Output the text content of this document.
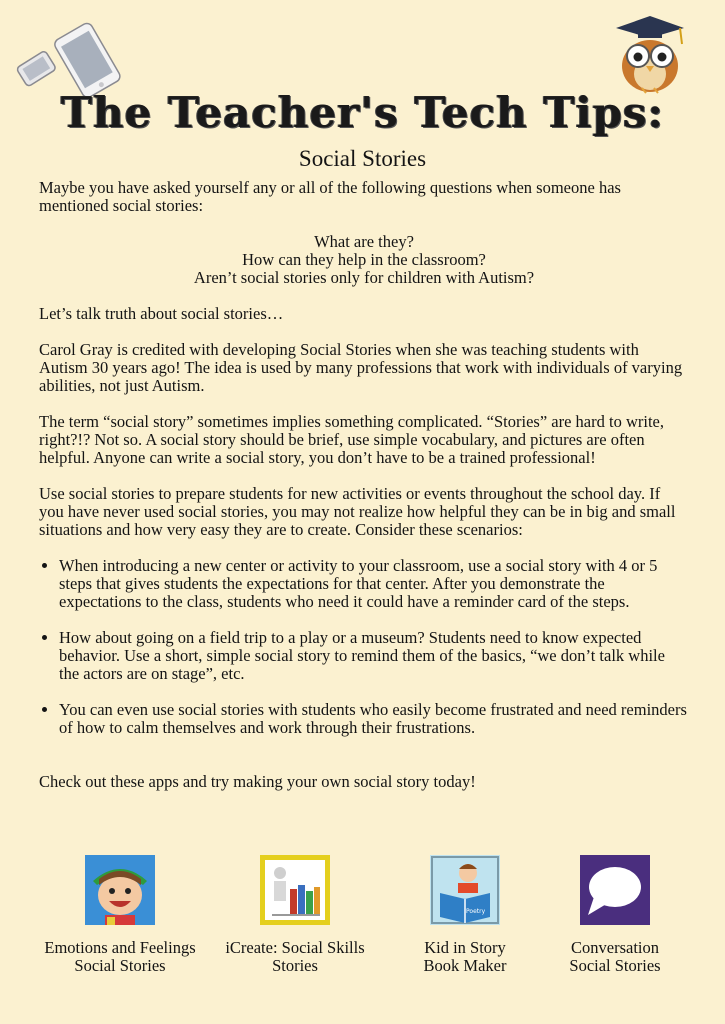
The Teacher's Tech Tips:
Social Stories

Maybe you have asked yourself any or all of the following questions when someone has mentioned social stories:

What are they?
How can they help in the classroom?
Aren’t social stories only for children with Autism?

Let’s talk truth about social stories…

Carol Gray is credited with developing Social Stories when she was teaching students with Autism 30 years ago! The idea is used by many professions that work with individuals of varying abilities, not just Autism.

The term “social story” sometimes implies something complicated. “Stories” are hard to write, right?!? Not so. A social story should be brief, use simple vocabulary, and pictures are often helpful. Anyone can write a social story, you don’t have to be a trained professional!

Use social stories to prepare students for new activities or events throughout the school day. If you have never used social stories, you may not realize how helpful they can be in big and small situations and how very easy they are to create. Consider these scenarios:

• When introducing a new center or activity to your classroom, use a social story with 4 or 5 steps that gives students the expectations for that center. After you demonstrate the expectations to the class, students who need it could have a reminder card of the steps.
• How about going on a field trip to a play or a museum? Students need to know expected behavior. Use a short, simple social story to remind them of the basics, “we don’t talk while the actors are on stage”, etc.
• You can even use social stories with students who easily become frustrated and need reminders of how to calm themselves and work through their frustrations.

Check out these apps and try making your own social story today!

Emotions and Feelings
Social Stories
iCreate: Social Skills
Stories
Poetry
Kid in Story
Book Maker
Conversation
Social Stories
